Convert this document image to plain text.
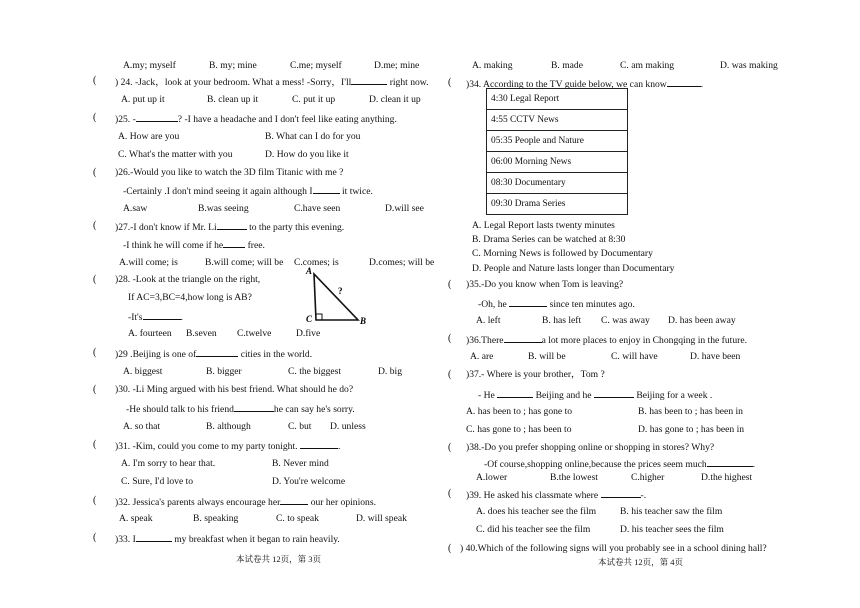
A.my; myself	B. my; mine	C.me; myself	D.me; mine
( ) 24. -Jack，look at your bedroom. What a mess! -Sorry，I'll	right now.
A. put up it	B. clean up it	C. put it up	D. clean it up
( )25. -	? -I have a headache and I don't feel like eating anything.
A. How are you	B. What can I do for you
C. What's the matter with you	D. How do you like it
( )26.-Would you like to watch the 3D film Titanic with me ?
-Certainly .I don't mind seeing it again although I	it twice.
A.saw	B.was seeing	C.have seen	D.will see
( )27.-I don't know if Mr. Li	to the party this evening.
-I think he will come if he	free.
A.will come; is	B.will come; will be C.comes; is	D.comes; will be
( )28. -Look at the triangle on the right,
If AC=3,BC=4,how long is AB?
-It's	.
A. fourteen B.seven C.twelve	D.five
A
?
C	B
( )29 .Beijing is one of	cities in the world.
A. biggest	B. bigger	C. the biggest	D. big
( )30. -Li Ming argued with his best friend. What should he do?
-He should talk to his friend	he can say he's sorry.
A. so that	B. although	C. but D. unless
( )31. -Kim, could you come to my party tonight.	.
A. I'm sorry to hear that.	B. Never mind
C. Sure, I'd love to	D. You're welcome
( )32. Jessica's parents always encourage her	our her opinions.
A. speak	B. speaking	C. to speak	D. will speak
( )33. I	my breakfast when it began to rain heavily.
本试卷共 12页，第 3页
A. making	B. made	C. am making	D. was making
( )34. According to the TV guide below, we can know	.
4:30 Legal Report
4:55 CCTV News
05:35 People and Nature
06:00 Morning News
08:30 Documentary
09:30 Drama Series
A. Legal Report lasts twenty minutes
B. Drama Series can be watched at 8:30
C. Morning News is followed by Documentary
D. People and Nature lasts longer than Documentary
( )35.-Do you know when Tom is leaving?
-Oh, he	since ten minutes ago.
A. left	B. has left C. was away D. has been away
( )36.There	a lot more places to enjoy in Chongqing in the future.
A. are	B. will be	C. will have	D. have been
( )37.- Where is your brother，Tom ?
- He	Beijing and he	Beijing for a week .
A. has been to ; has gone to	B. has been to ; has been in
C. has gone to ; has been to	D. has gone to ; has been in
( )38.-Do you prefer shopping online or shopping in stores? Why?
-Of course,shopping online,because the prices seem much	.
A.lower	B.the lowest	C.higher	D.the highest
( )39. He asked his classmate where	-.
A. does his teacher see the film B. his teacher saw the film
C. did his teacher see the film	D. his teacher sees the film
( ) 40.Which of the following signs will you probably see in a school dining hall?
本试卷共 12页，第 4页
